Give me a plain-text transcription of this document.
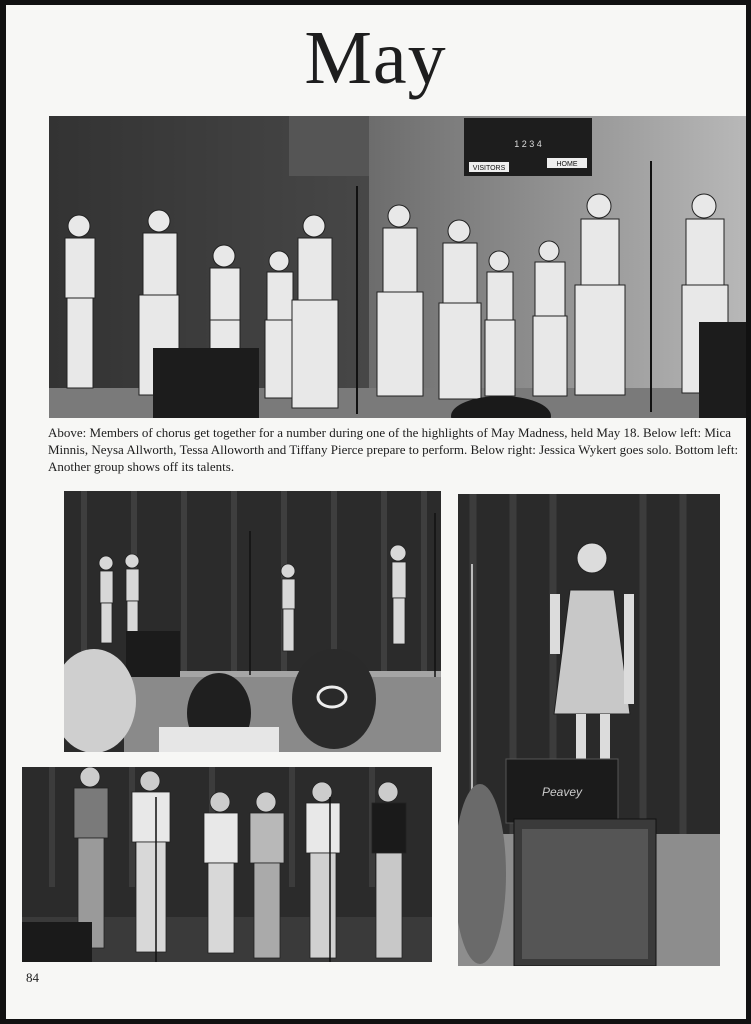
May
1 2 3 4
VISITORS
HOME
Above: Members of chorus get together for a number during one of the highlights of May Madness, held May 18. Below left: Mica Minnis, Neysa Allworth, Tessa Alloworth and Tiffany Pierce prepare to perform. Below right: Jessica Wykert goes solo. Bottom left: Another group shows off its talents.
Peavey
84
